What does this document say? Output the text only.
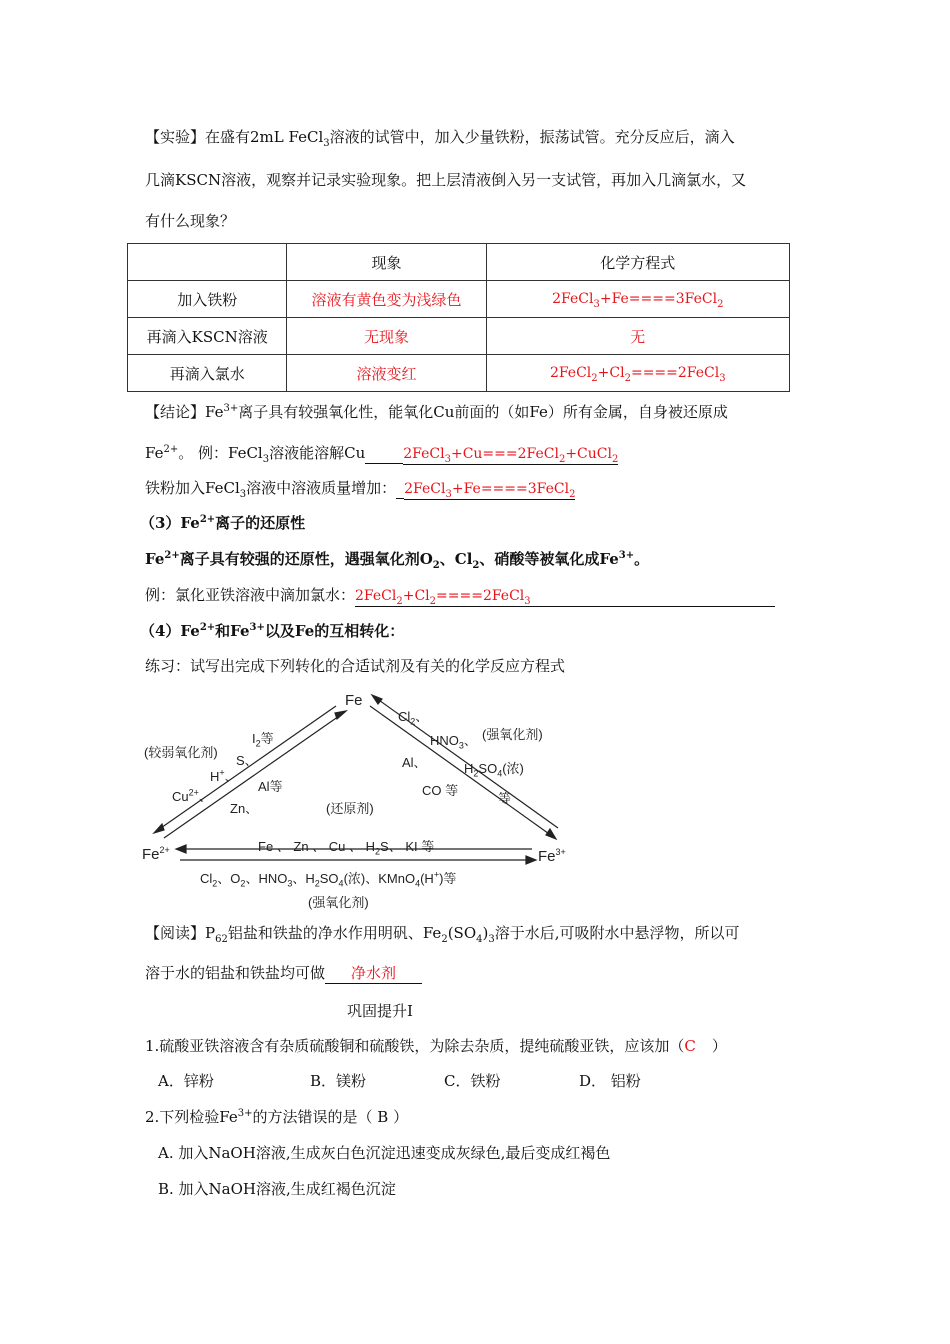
【实验】在盛有2mL FeCl$_3$溶液的试管中，加入少量铁粉，振荡试管。充分反应后，滴入
几滴KSCN溶液，观察并记录实验现象。把上层清液倒入另一支试管，再加入几滴氯水，又
有什么现象？
	现象	化学方程式
加入铁粉	溶液有黄色变为浅绿色	2FeCl$_3$+Fe====3FeCl$_2$
再滴入KSCN溶液	无现象	无
再滴入氯水	溶液变红	$2FeCl_2+Cl_2====2FeCl_3$
【结论】$Fe^{3+}$离子具有较强氧化性，能氧化Cu前面的（如Fe）所有金属，自身被还原成
$Fe^{2+}$。 例：FeCl$_3$溶液能溶解Cu	2FeCl$_3$+Cu===2FeCl$_2$+CuCl$_2$
铁粉加入FeCl$_3$溶液中溶液质量增加： 2FeCl$_3$+Fe====3FeCl$_2$
$(3)Fe^{2+}$离子的还原性
$Fe^{2+}$离子具有较强的还原性，遇强氧化剂$O_2$、$Cl_2$、硝酸等被氧化成$Fe^{3+}$。
例：氯化亚铁溶液中滴加氯水：$2FeCl_2+Cl_2====2FeCl_3$
$(4)Fe^{2+}$和$Fe^{3+}$以及Fe的互相转化：
练习：试写出完成下列转化的合适试剂及有关的化学反应方程式
Fe
$Fe^{2+}$	$Fe^{3+}$
(较弱氧化剂)
$I_2$等
S、
H+、
$Cu^{2+}$、
Al等
Zn、	(还原剂)
$Cl_2$、
$HNO_3$、 (强氧化剂)
Al、	$H_2SO_4$(浓)
CO 等
等
Fe 、 Zn 、 Cu 、 $H_2S$、 KI 等
$Cl_2$、$O_2$、$HNO_3$、$H_2SO_4$(浓)、KMnO$_4$(H+)等
(强氧化剂)
【阅读】$P_{62}$铝盐和铁盐的净水作用明矾、$Fe_2(SO_4)_3$溶于水后,可吸附水中悬浮物，所以可
溶于水的铝盐和铁盐均可做 净水剂
巩固提升Ⅰ
1.硫酸亚铁溶液含有杂质硫酸铜和硫酸铁，为除去杂质，提纯硫酸亚铁，应该加（C ）
A．锌粉	B．镁粉	C．铁粉	D． 铝粉
2.下列检验$Fe^{3+}$的方法错误的是（ B ）
A. 加入NaOH溶液,生成灰白色沉淀迅速变成灰绿色,最后变成红褐色
B. 加入NaOH溶液,生成红褐色沉淀
